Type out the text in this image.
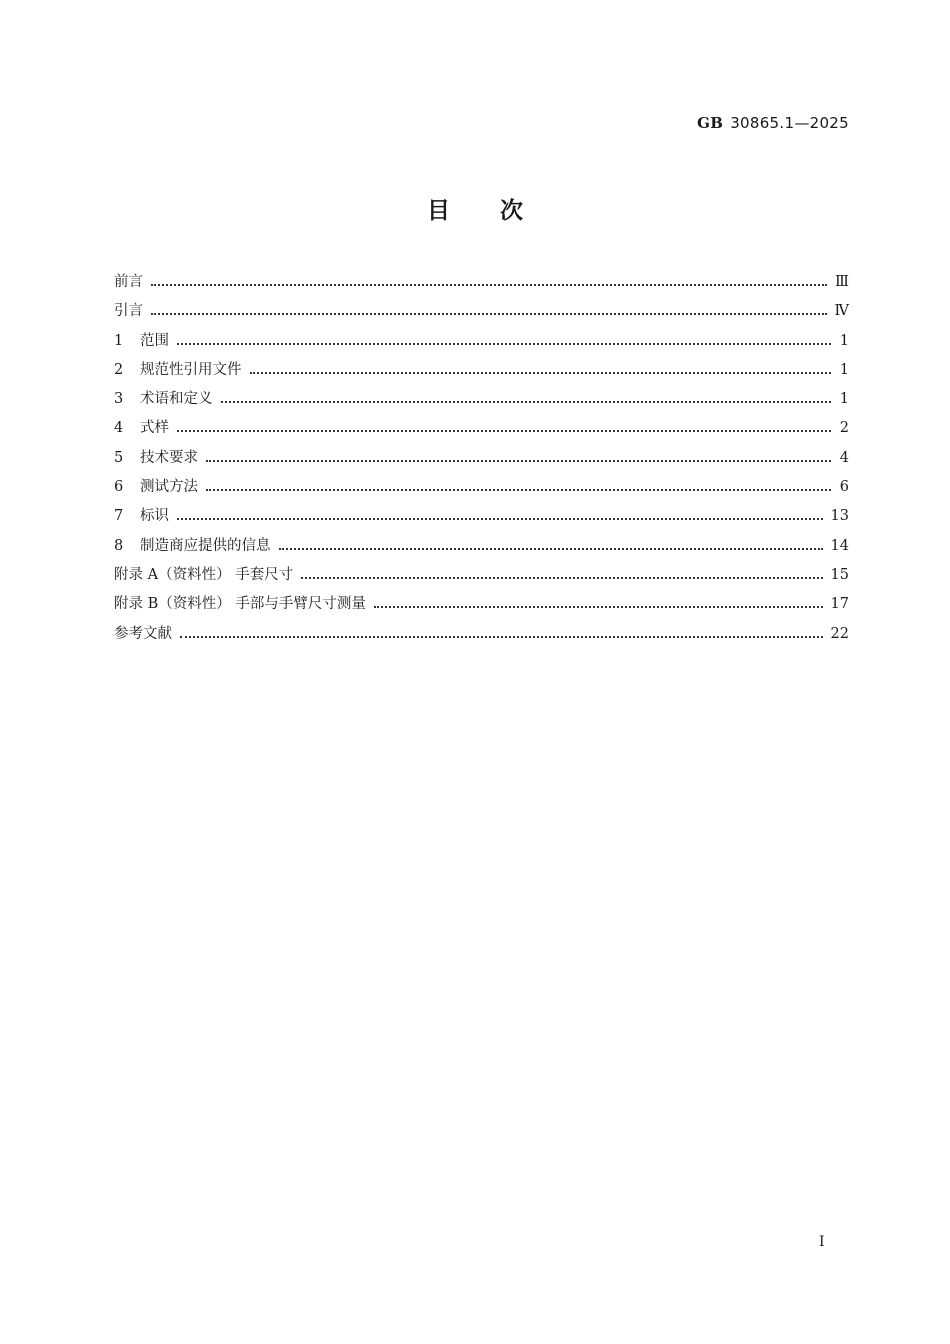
GB 30865.1—2025
目次
前言	Ⅲ
引言	Ⅳ
1	范围	1
2	规范性引用文件	1
3	术语和定义	1
4	式样	2
5	技术要求	4
6	测试方法	6
7	标识	13
8	制造商应提供的信息	14
附录 A（资料性） 手套尺寸	15
附录 B（资料性） 手部与手臂尺寸测量	17
参考文献	22
I
